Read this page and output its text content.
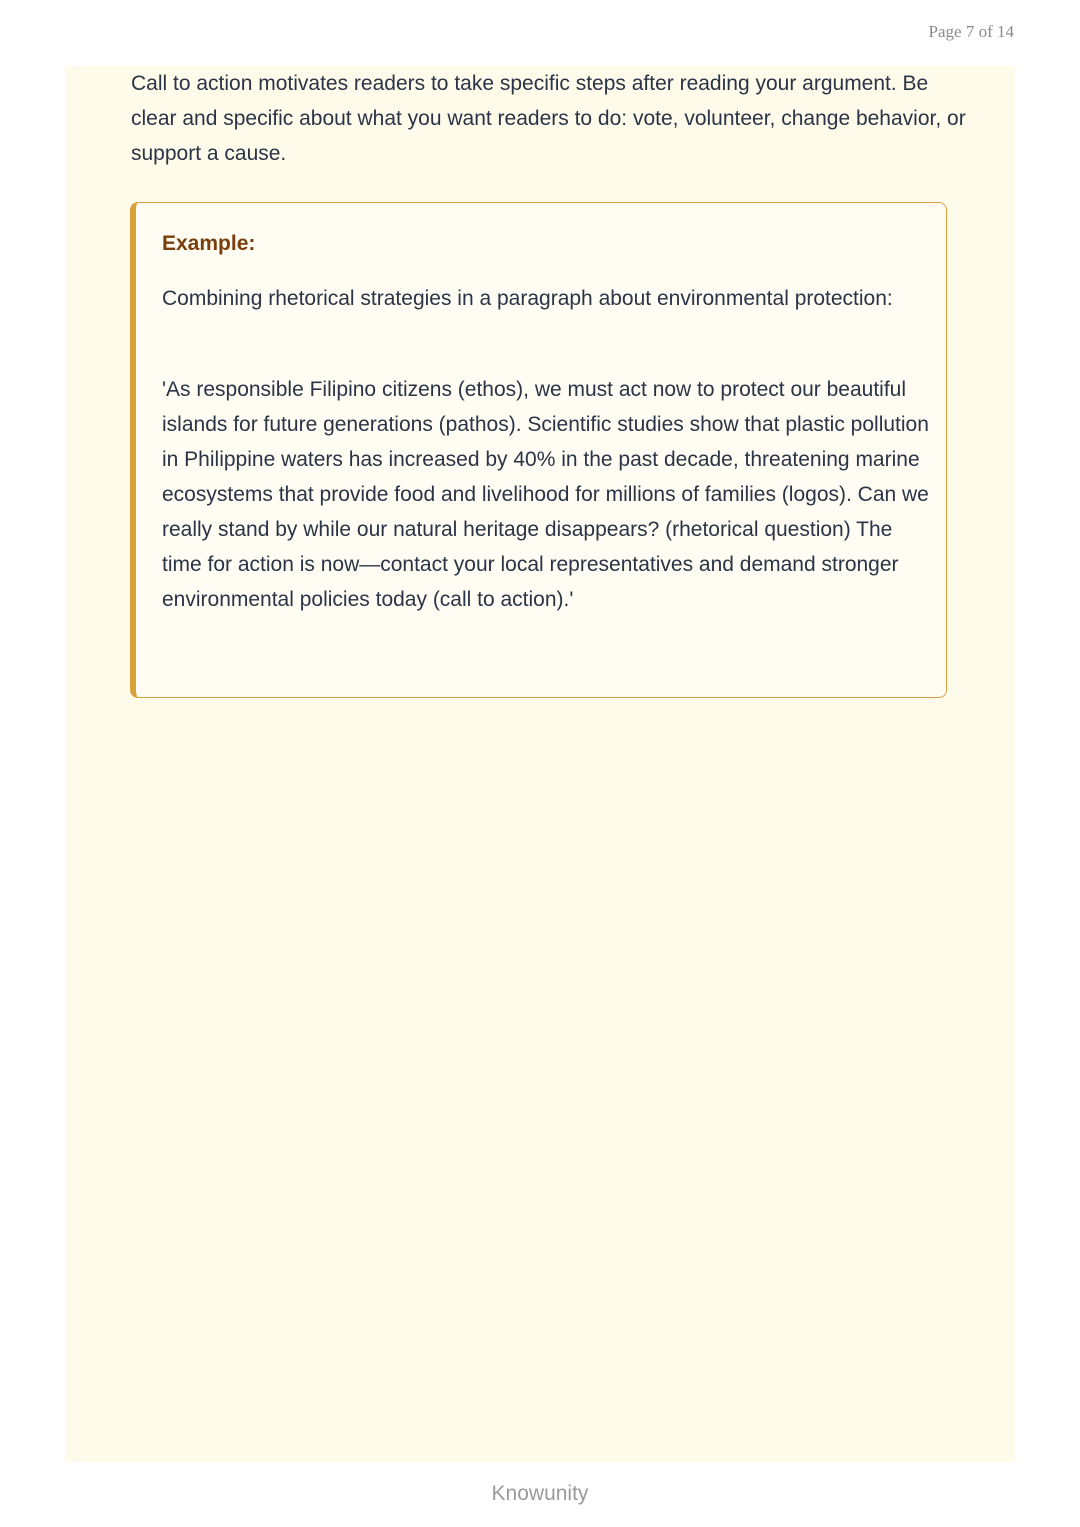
Page 7 of 14

Call to action motivates readers to take specific steps after reading your argument. Be clear and specific about what you want readers to do: vote, volunteer, change behavior, or support a cause.

Example:

Combining rhetorical strategies in a paragraph about environmental protection:

'As responsible Filipino citizens (ethos), we must act now to protect our beautiful islands for future generations (pathos). Scientific studies show that plastic pollution in Philippine waters has increased by 40% in the past decade, threatening marine ecosystems that provide food and livelihood for millions of families (logos). Can we really stand by while our natural heritage disappears? (rhetorical question) The time for action is now—contact your local representatives and demand stronger environmental policies today (call to action).'

Knowunity
